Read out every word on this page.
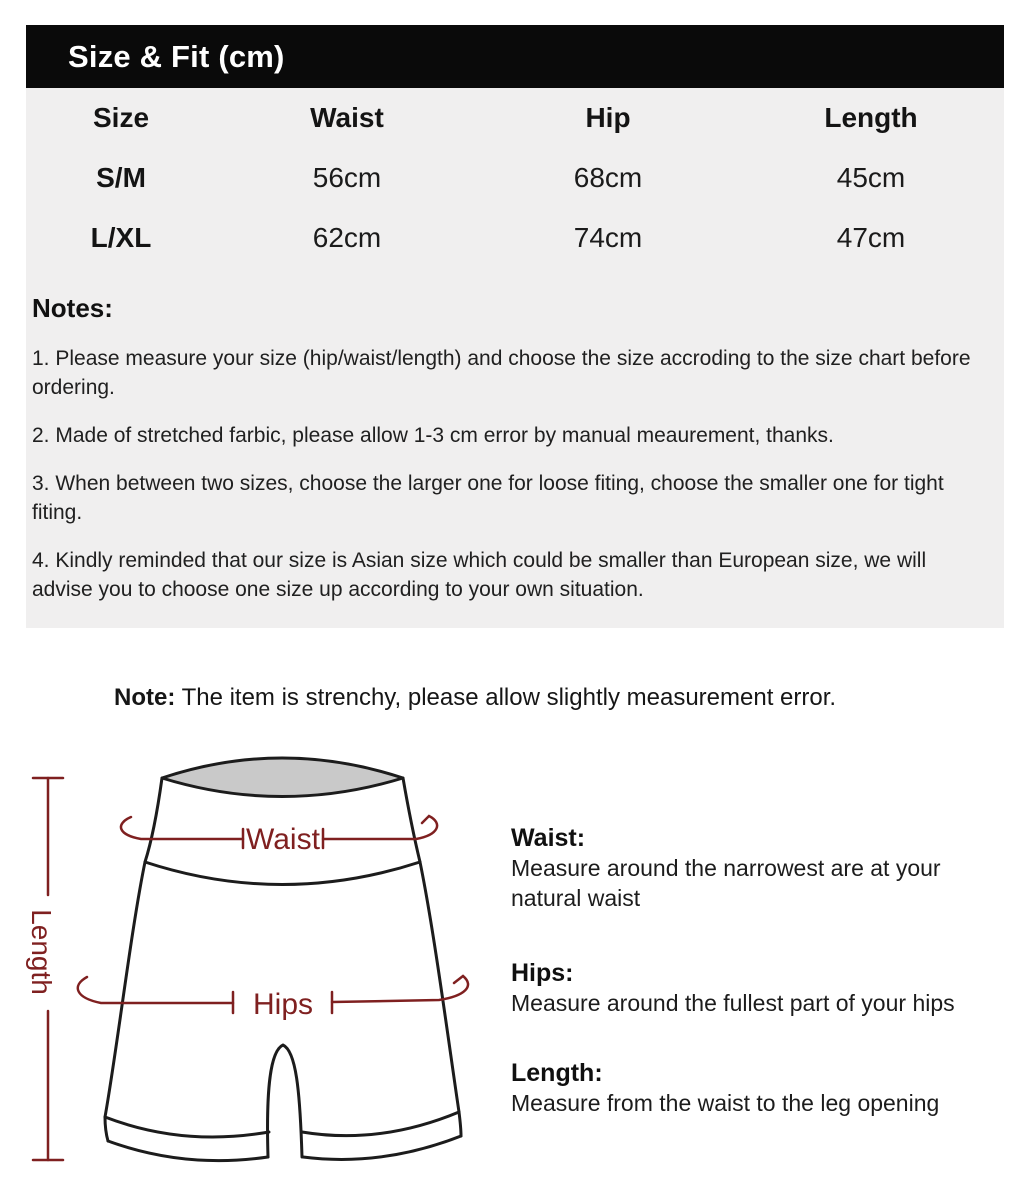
Size & Fit (cm)
Size	Waist	Hip	Length
S/M	56cm	68cm	45cm
L/XL	62cm	74cm	47cm
Notes:

1. Please measure your size (hip/waist/length) and choose the size accroding to the size chart before ordering.

2. Made of stretched farbic, please allow 1-3 cm error by manual meaurement, thanks.

3. When between two sizes, choose the larger one for loose fiting, choose the smaller one for tight fiting.

4. Kindly reminded that our size is Asian size which could be smaller than European size, we will advise you to choose one size up according to your own situation.

Note: The item is strenchy, please allow slightly measurement error.
Waist
Hips
Length
Waist:
Measure around the narrowest are at your natural waist
Hips:
Measure around the fullest part of your hips
Length:
Measure from the waist to the leg opening
